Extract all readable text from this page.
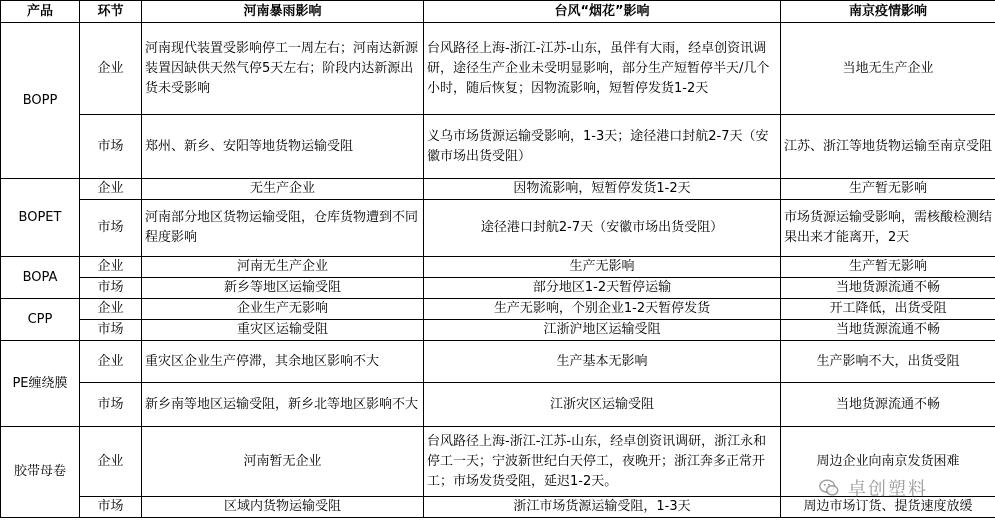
产品	环节	河南暴雨影响	台风“烟花”影响	南京疫情影响
BOPP	企业	河南现代装置受影响停工一周左右；河南达新源装置因缺供天然气停5天左右；阶段内达新源出货未受影响	台风路径上海-浙江-江苏-山东，虽伴有大雨，经卓创资讯调研，途径生产企业未受明显影响，部分生产短暂停半天/几个小时，随后恢复；因物流影响，短暂停发货1-2天	当地无生产企业
	市场	郑州、新乡、安阳等地货物运输受阻	义乌市场货源运输受影响，1-3天；途径港口封航2-7天（安徽市场出货受阻）	江苏、浙江等地货物运输至南京受阻
BOPET	企业	无生产企业	因物流影响，短暂停发货1-2天	生产暂无影响
	市场	河南部分地区货物运输受阻，仓库货物遭到不同程度影响	途径港口封航2-7天（安徽市场出货受阻）	市场货源运输受影响，需核酸检测结果出来才能离开，2天
BOPA	企业	河南无生产企业	生产无影响	生产暂无影响
	市场	新乡等地区运输受阻	部分地区1-2天暂停运输	当地货源流通不畅
CPP	企业	企业生产无影响	生产无影响，个别企业1-2天暂停发货	开工降低，出货受阻
	市场	重灾区运输受阻	江浙沪地区运输受阻	当地货源流通不畅
PE缠绕膜	企业	重灾区企业生产停滞，其余地区影响不大	生产基本无影响	生产影响不大，出货受阻
	市场	新乡南等地区运输受阻，新乡北等地区影响不大	江浙灾区运输受阻	当地货源流通不畅
胶带母卷	企业	河南暂无企业	台风路径上海-浙江-江苏-山东，经卓创资讯调研，浙江永和停工一天；宁波新世纪白天停工，夜晚开；浙江奔多正常开工；市场发货受阻，延迟1-2天。	周边企业向南京发货困难
	市场	区域内货物运输受阻	浙江市场货源运输受阻，1-3天	周边市场订货、提货速度放缓
卓创塑料
